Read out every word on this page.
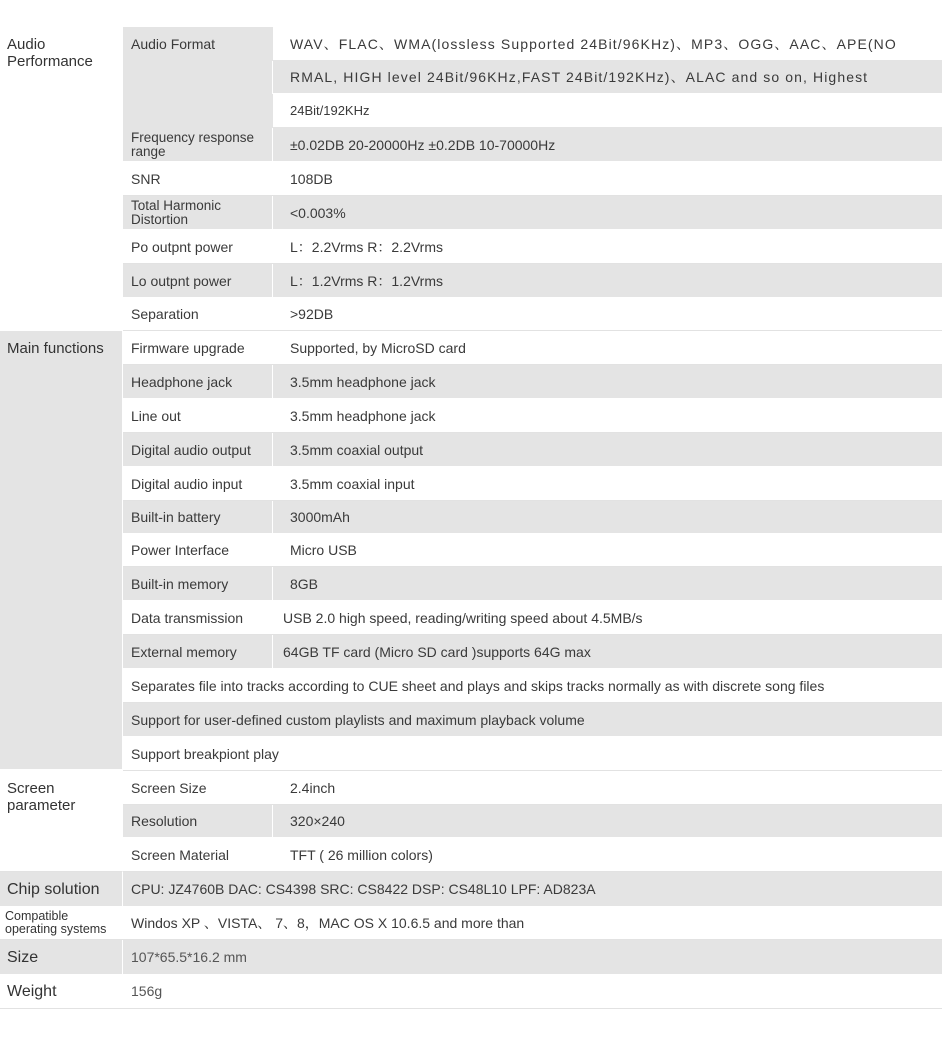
Audio Performance
Audio Format	WAV、FLAC、WMA(lossless Supported 24Bit/96KHz)、MP3、OGG、AAC、APE(NO
RMAL, HIGH level 24Bit/96KHz,FAST 24Bit/192KHz)、ALAC and so on, Highest
24Bit/192KHz
Frequency response range	±0.02DB 20-20000Hz ±0.2DB 10-70000Hz
SNR	108DB
Total Harmonic Distortion	<0.003%
Po outpnt power	L：2.2Vrms R：2.2Vrms
Lo outpnt power	L：1.2Vrms R：1.2Vrms
Separation	>92DB
Main functions	Firmware upgrade	Supported, by MicroSD card
Headphone jack	3.5mm headphone jack
Line out	3.5mm headphone jack
Digital audio output	3.5mm coaxial output
Digital audio input	3.5mm coaxial input
Built-in battery	3000mAh
Power Interface	Micro USB
Built-in memory	8GB
Data transmission	USB 2.0 high speed, reading/writing speed about 4.5MB/s
External memory	64GB TF card (Micro SD card )supports 64G max
Separates file into tracks according to CUE sheet and plays and skips tracks normally as with discrete song files
Support for user-defined custom playlists and maximum playback volume
Support breakpiont play
Screen parameter
Screen Size	2.4inch
Resolution	320×240
Screen Material	TFT ( 26 million colors)
Chip solution	CPU: JZ4760B DAC: CS4398 SRC: CS8422 DSP: CS48L10 LPF: AD823A
Compatible operating systems	Windos XP 、VISTA、 7、8，MAC OS X 10.6.5 and more than
Size	107*65.5*16.2 mm
Weight	156g
